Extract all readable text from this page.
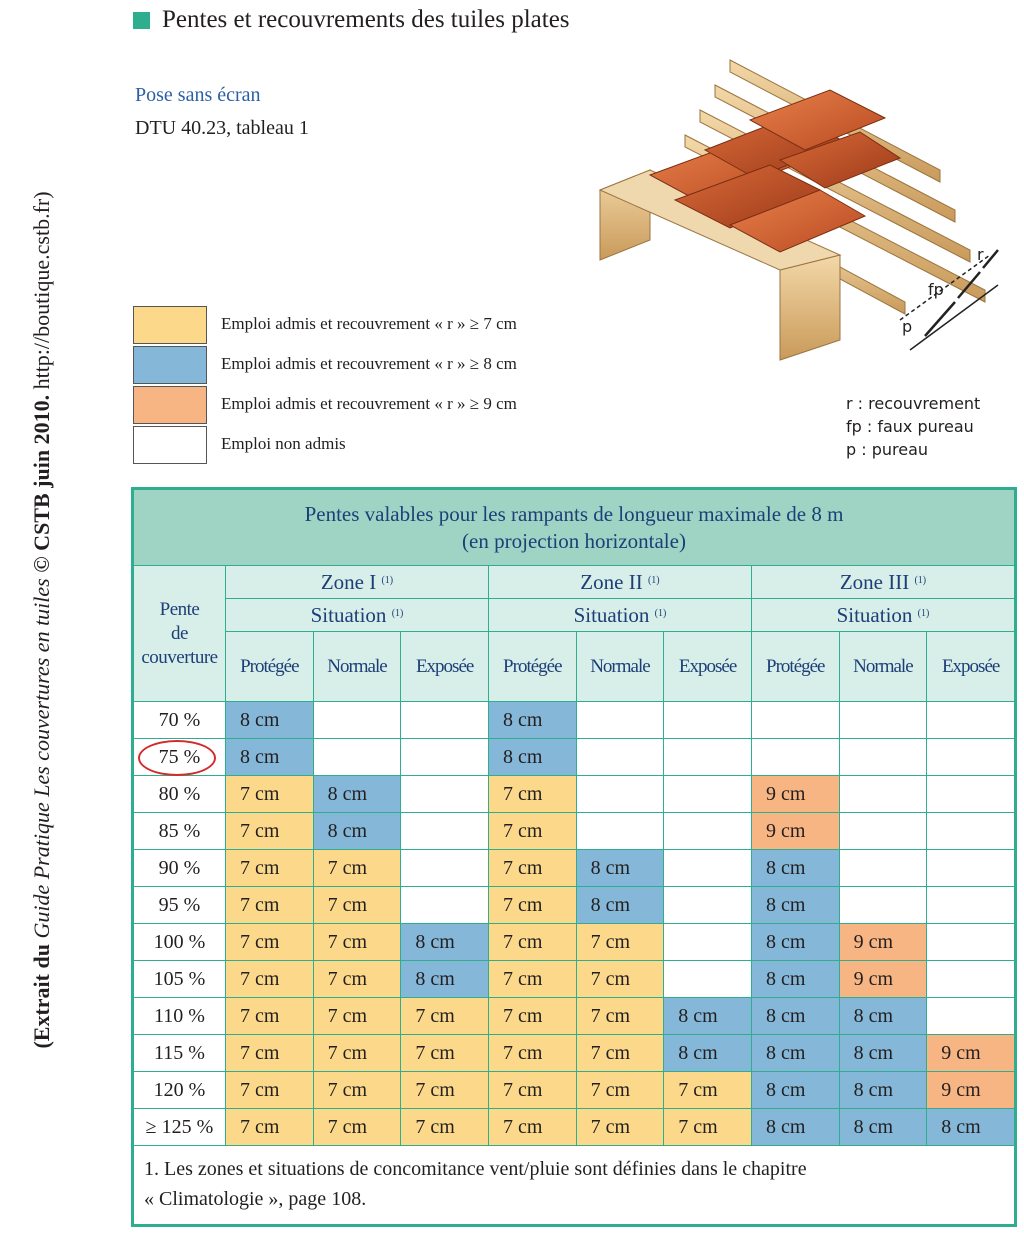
(Extrait du Guide Pratique Les couvertures en tuiles © CSTB juin 2010. http://boutique.cstb.fr)
Pentes et recouvrements des tuiles plates
Pose sans écran
DTU 40.23, tableau 1
Emploi admis et recouvrement « r » ≥ 7 cm
Emploi admis et recouvrement « r » ≥ 8 cm
Emploi admis et recouvrement « r » ≥ 9 cm
Emploi non admis
r
fp
p
r : recouvrement
fp : faux pureau
p : pureau
Pentes valables pour les rampants de longueur maximale de 8 m
(en projection horizontale)									
Pente
de
couverture	Zone I $^{(1)}$			Zone II $^{(1)}$			Zone III $^{(1)}$
	Situation $^{(1)}$			Situation $^{(1)}$			Situation $^{(1)}$
	Protégée	Normale	Exposée	Protégée	Normale	Exposée	Protégée	Normale	Exposée
70 %	8 cm			8 cm					
75 %	8 cm			8 cm					
80 %	7 cm	8 cm		7 cm			9 cm		
85 %	7 cm	8 cm		7 cm			9 cm		
90 %	7 cm	7 cm		7 cm	8 cm		8 cm		
95 %	7 cm	7 cm		7 cm	8 cm		8 cm		
100 %	7 cm	7 cm	8 cm	7 cm	7 cm		8 cm	9 cm	
105 %	7 cm	7 cm	8 cm	7 cm	7 cm		8 cm	9 cm	
110 %	7 cm	7 cm	7 cm	7 cm	7 cm	8 cm	8 cm	8 cm	
115 %	7 cm	7 cm	7 cm	7 cm	7 cm	8 cm	8 cm	8 cm	9 cm
120 %	7 cm	7 cm	7 cm	7 cm	7 cm	7 cm	8 cm	8 cm	9 cm
≥ 125 %	7 cm	7 cm	7 cm	7 cm	7 cm	7 cm	8 cm	8 cm	8 cm
1. Les zones et situations de concomitance vent/pluie sont définies dans le chapitre
« Climatologie », page 108.									
